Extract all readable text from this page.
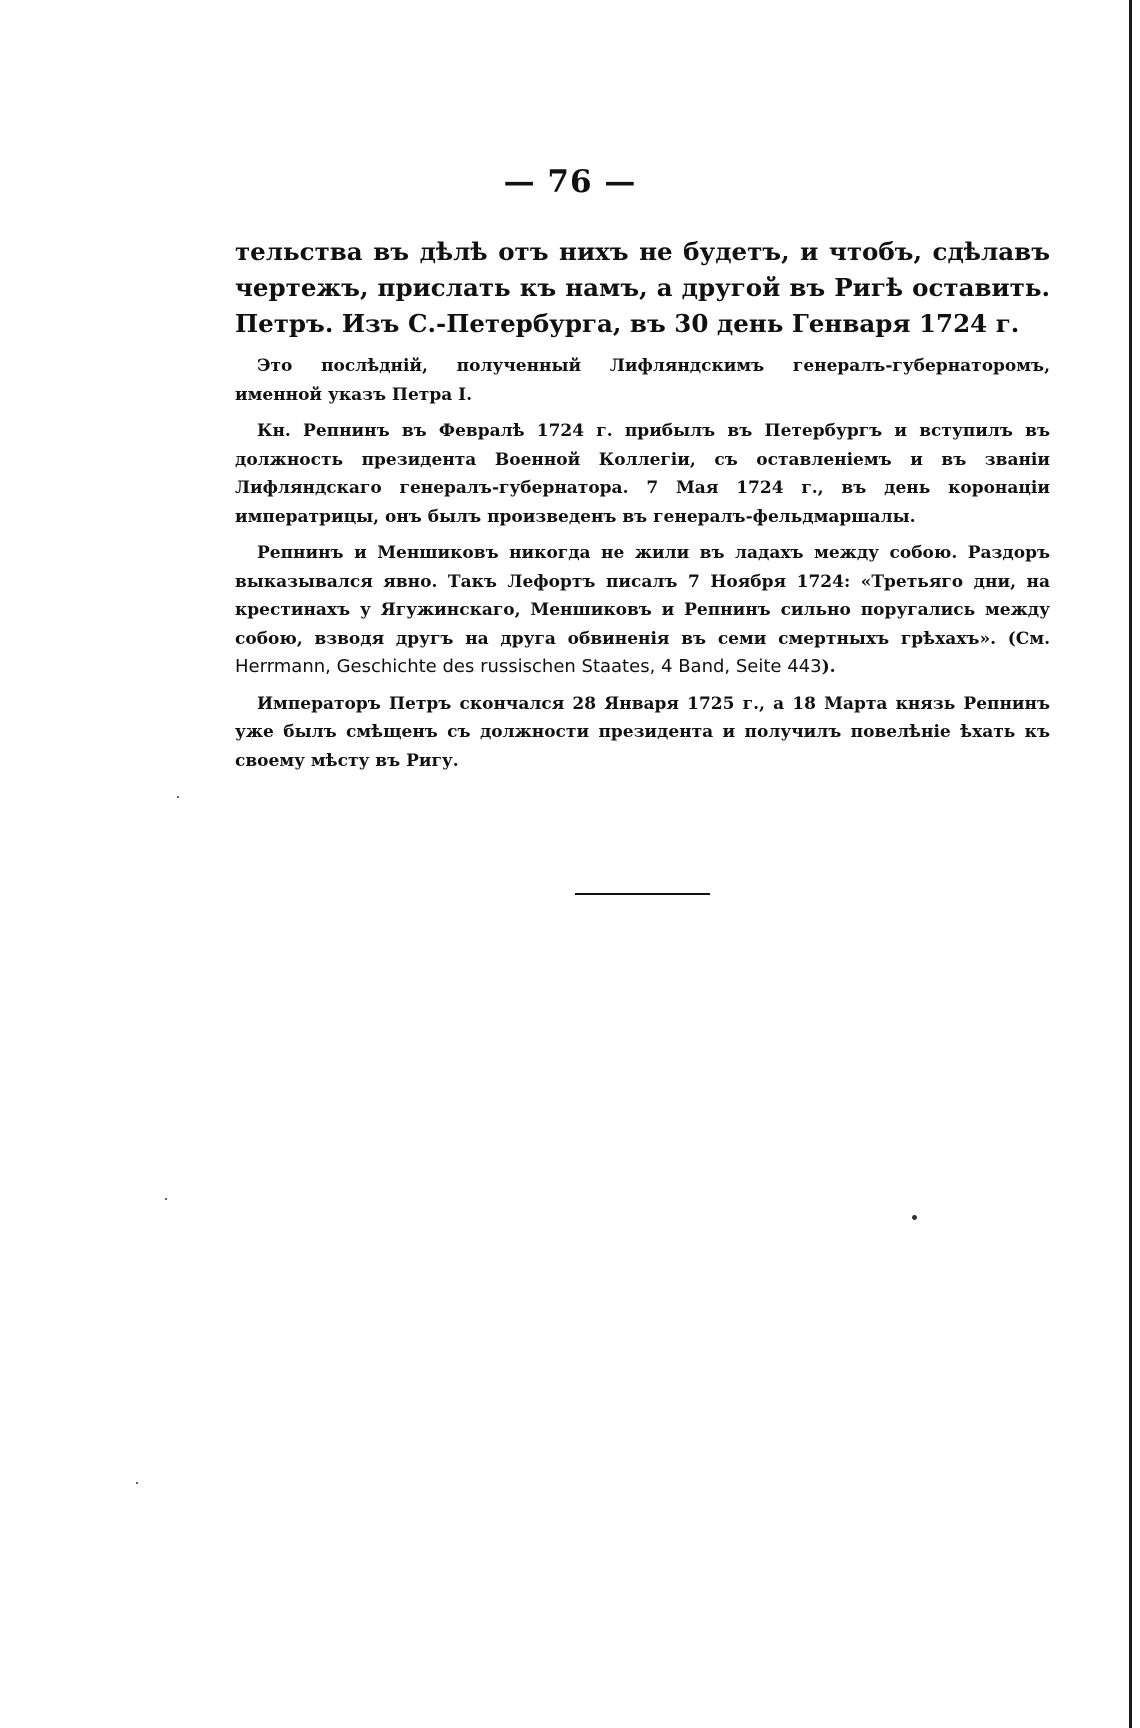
— 76 —

тельства въ дѣлѣ отъ нихъ не будетъ, и чтобъ, сдѣлавъ
чертежъ, прислать къ намъ, а другой въ Ригѣ оставить.
Петръ. Изъ С.-Петербурга, въ 30 день Генваря 1724 г.

Это послѣдній, полученный Лифляндскимъ генералъ-губернаторомъ, именной указъ Петра I.

Кн. Репнинъ въ Февралѣ 1724 г. прибылъ въ Петербургъ и вступилъ въ должность президента Военной Коллегіи, съ оставленіемъ и въ званіи Лифляндскаго генералъ-губернатора. 7 Мая 1724 г., въ день коронаціи императрицы, онъ былъ произведенъ въ генералъ-фельдмаршалы.

Репнинъ и Меншиковъ никогда не жили въ ладахъ между собою. Раздоръ выказывался явно. Такъ Лефортъ писалъ 7 Ноября 1724: «Третьяго дни, на крестинахъ у Ягужинскаго, Меншиковъ и Репнинъ сильно поругались между собою, взводя другъ на друга обвиненія въ семи смертныхъ грѣхахъ». (См. Herrmann, Geschichte des russischen Staates, 4 Band, Seite 443).

Императоръ Петръ скончался 28 Января 1725 г., а 18 Марта князь Репнинъ уже былъ смѣщенъ съ должности президента и получилъ повелѣніе ѣхать къ своему мѣсту въ Ригу.
